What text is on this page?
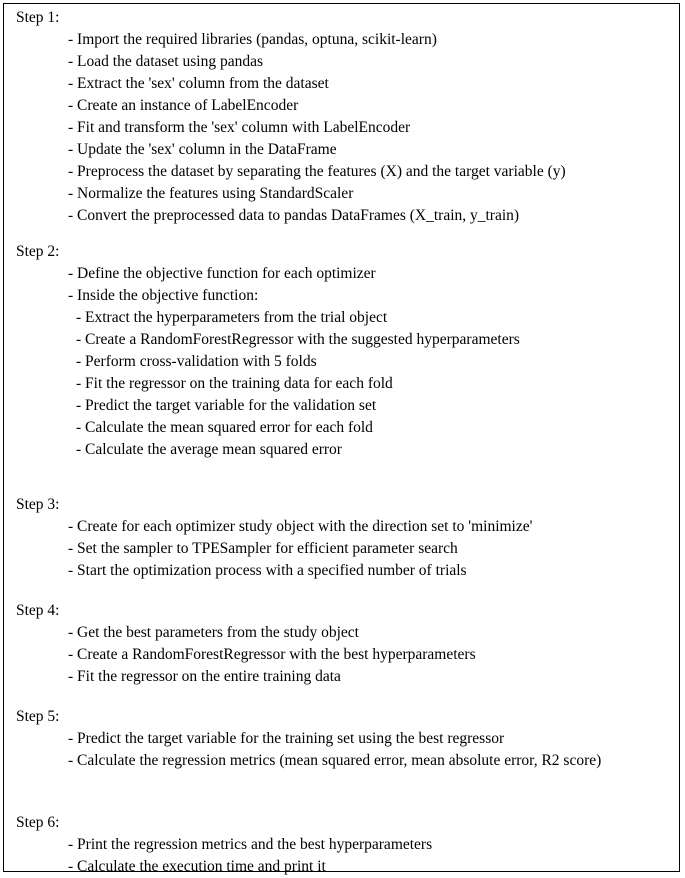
Step 1:
- Import the required libraries (pandas, optuna, scikit-learn)
- Load the dataset using pandas
- Extract the 'sex' column from the dataset
- Create an instance of LabelEncoder
- Fit and transform the 'sex' column with LabelEncoder
- Update the 'sex' column in the DataFrame
- Preprocess the dataset by separating the features (X) and the target variable (y)
- Normalize the features using StandardScaler
- Convert the preprocessed data to pandas DataFrames (X_train, y_train)
Step 2:
- Define the objective function for each optimizer
- Inside the objective function:
- Extract the hyperparameters from the trial object
- Create a RandomForestRegressor with the suggested hyperparameters
- Perform cross-validation with 5 folds
- Fit the regressor on the training data for each fold
- Predict the target variable for the validation set
- Calculate the mean squared error for each fold
- Calculate the average mean squared error
Step 3:
- Create for each optimizer study object with the direction set to 'minimize'
- Set the sampler to TPESampler for efficient parameter search
- Start the optimization process with a specified number of trials
Step 4:
- Get the best parameters from the study object
- Create a RandomForestRegressor with the best hyperparameters
- Fit the regressor on the entire training data
Step 5:
- Predict the target variable for the training set using the best regressor
- Calculate the regression metrics (mean squared error, mean absolute error, R2 score)
Step 6:
- Print the regression metrics and the best hyperparameters
- Calculate the execution time and print it
